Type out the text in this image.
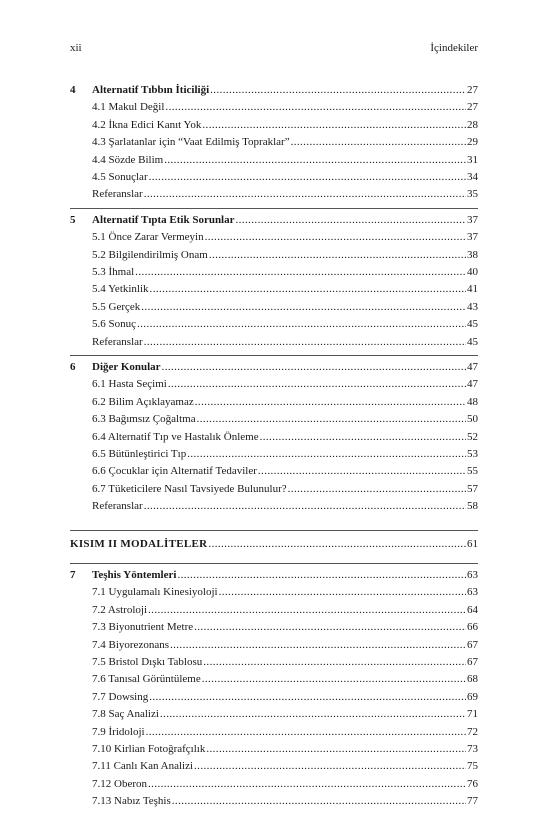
xii	İçindekiler
4 Alternatif Tıbbın İticiliği .....	27
4.1 Makul Değil .....	27
4.2 İkna Edici Kanıt Yok .....	28
4.3 Şarlatanlar için “Vaat Edilmiş Topraklar” .....	29
4.4 Sözde Bilim .....	31
4.5 Sonuçlar .....	34
Referanslar .....	35
5 Alternatif Tıpta Etik Sorunlar .....	37
5.1 Önce Zarar Vermeyin .....	37
5.2 Bilgilendirilmiş Onam .....	38
5.3 İhmal .....	40
5.4 Yetkinlik .....	41
5.5 Gerçek .....	43
5.6 Sonuç .....	45
Referanslar .....	45
6 Diğer Konular .....	47
6.1 Hasta Seçimi .....	47
6.2 Bilim Açıklayamaz .....	48
6.3 Bağımsız Çoğaltma .....	50
6.4 Alternatif Tıp ve Hastalık Önleme .....	52
6.5 Bütünleştirici Tıp .....	53
6.6 Çocuklar için Alternatif Tedaviler .....	55
6.7 Tüketicilere Nasıl Tavsiyede Bulunulur? .....	57
Referanslar .....	58
KISIM II MODALİTELER .....	61
7 Teşhis Yöntemleri .....	63
7.1 Uygulamalı Kinesiyoloji .....	63
7.2 Astroloji .....	64
7.3 Biyonutrient Metre .....	66
7.4 Biyorezonans .....	67
7.5 Bristol Dışkı Tablosu .....	67
7.6 Tanısal Görüntüleme .....	68
7.7 Dowsing .....	69
7.8 Saç Analizi .....	71
7.9 İridoloji .....	72
7.10 Kirlian Fotoğrafçılık .....	73
7.11 Canlı Kan Analizi .....	75
7.12 Oberon .....	76
7.13 Nabız Teşhis .....	77
